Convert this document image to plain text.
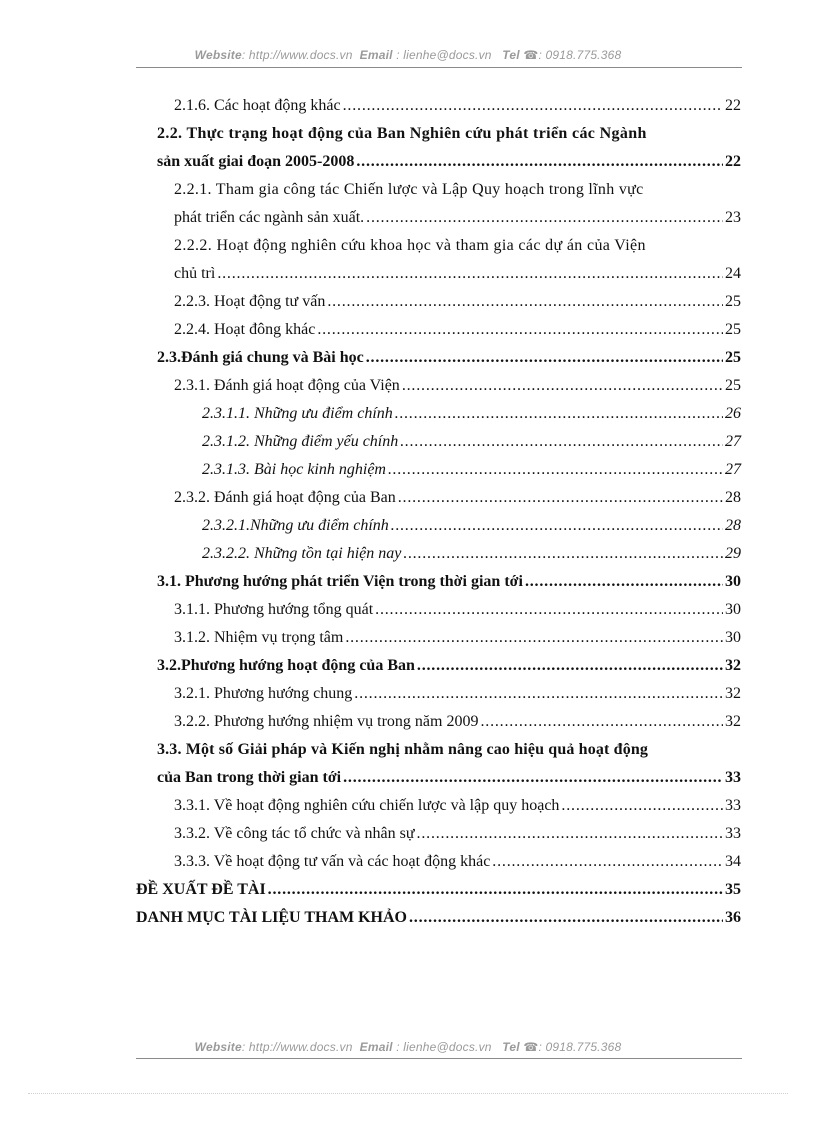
Website: http://www.docs.vn Email : lienhe@docs.vn Tel ☎: 0918.775.368
2.1.6. Các hoạt động khác . . .	22
2.2. Thực trạng hoạt động của Ban Nghiên cứu phát triển các Ngành
sản xuất giai đoạn 2005-2008 . . .	22
2.2.1. Tham gia công tác Chiến lược và Lập Quy hoạch trong lĩnh vực
phát triển các ngành sản xuất. . . .	23
2.2.2. Hoạt động nghiên cứu khoa học và tham gia các dự án của Viện
chủ trì . . .	24
2.2.3. Hoạt động tư vấn . . .	25
2.2.4. Hoạt đông khác . . .	25
2.3.Đánh giá chung và Bài học . . .	25
2.3.1. Đánh giá hoạt động của Viện . . .	25
2.3.1.1. Những ưu điểm chính . . .	26
2.3.1.2. Những điểm yếu chính . . .	27
2.3.1.3. Bài học kinh nghiệm . . .	27
2.3.2. Đánh giá hoạt động của Ban . . .	28
2.3.2.1.Những ưu điểm chính . . .	28
2.3.2.2. Những tồn tại hiện nay . . .	29
3.1. Phương hướng phát triển Viện trong thời gian tới . . .	30
3.1.1. Phương hướng tổng quát . . .	30
3.1.2. Nhiệm vụ trọng tâm . . .	30
3.2.Phương hướng hoạt động của Ban . . .	32
3.2.1. Phương hướng chung . . .	32
3.2.2. Phương hướng nhiệm vụ trong năm 2009 . . .	32
3.3. Một số Giải pháp và Kiến nghị nhằm nâng cao hiệu quả hoạt động
của Ban trong thời gian tới . . .	33
3.3.1. Về hoạt động nghiên cứu chiến lược và lập quy hoạch . . .	33
3.3.2. Về công tác tổ chức và nhân sự . . .	33
3.3.3. Về hoạt động tư vấn và các hoạt động khác . . .	34
ĐỀ XUẤT ĐỀ TÀI . . .	35
DANH MỤC TÀI LIỆU THAM KHẢO . . .	36
Website: http://www.docs.vn Email : lienhe@docs.vn Tel ☎: 0918.775.368
